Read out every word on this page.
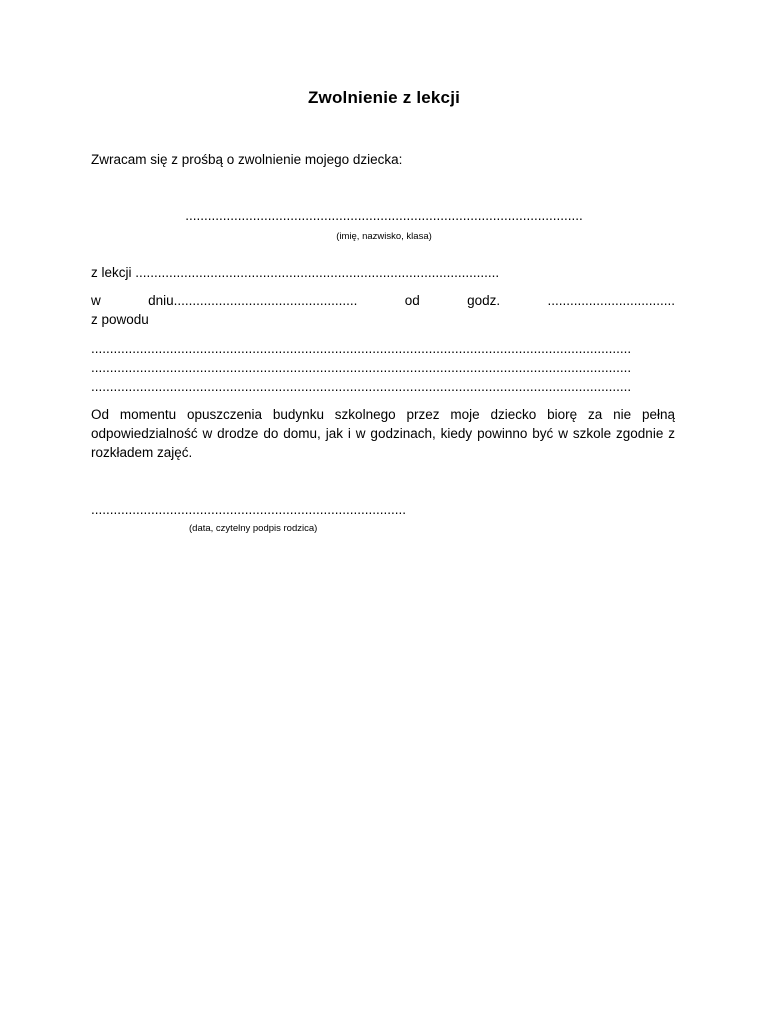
Zwolnienie z lekcji
Zwracam się z prośbą o zwolnienie mojego dziecka:
..........................................................................................................
(imię, nazwisko, klasa)
z lekcji .................................................................................................
w	dniu.................................................	od	godz.	..................................
z powodu
................................................................................................................................................
................................................................................................................................................
................................................................................................................................................
Od momentu opuszczenia budynku szkolnego przez moje dziecko biorę za nie pełną odpowiedzialność w drodze do domu, jak i w godzinach, kiedy powinno być w szkole zgodnie z rozkładem zajęć.
....................................................................................
(data, czytelny podpis rodzica)
